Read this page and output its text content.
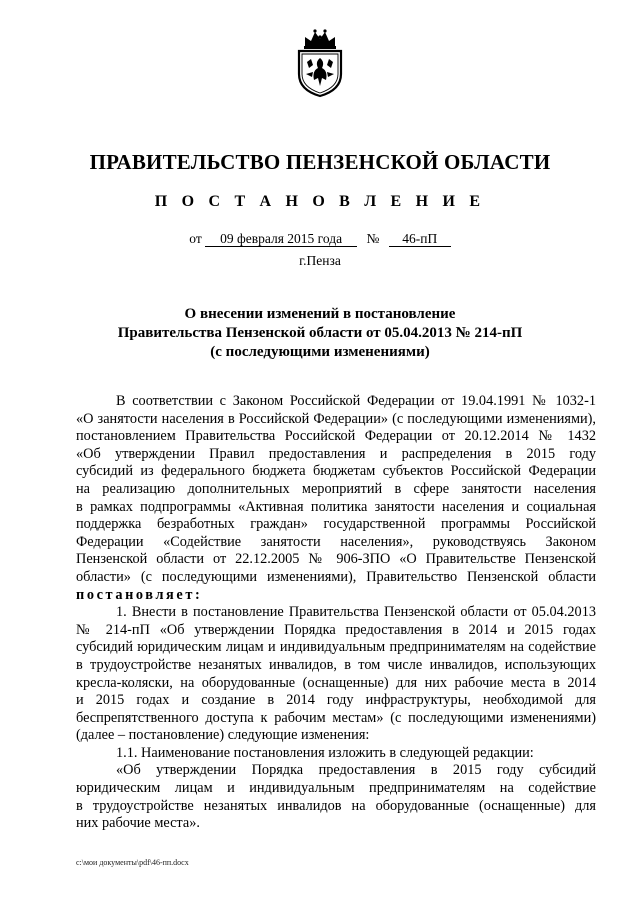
ПРАВИТЕЛЬСТВО ПЕНЗЕНСКОЙ ОБЛАСТИ
П О С Т А Н О В Л Е Н И Е
от 09 февраля 2015 года № 46-пП
г.Пенза
О внесении изменений в постановление
Правительства Пензенской области от 05.04.2013 № 214-пП
(с последующими изменениями)
В соответствии с Законом Российской Федерации от 19.04.1991 № 1032-1
«О занятости населения в Российской Федерации» (с последующими изменениями),
постановлением Правительства Российской Федерации от 20.12.2014 № 1432
«Об утверждении Правил предоставления и распределения в 2015 году
субсидий из федерального бюджета бюджетам субъектов Российской Федерации
на реализацию дополнительных мероприятий в сфере занятости населения
в рамках подпрограммы «Активная политика занятости населения и социальная
поддержка безработных граждан» государственной программы Российской
Федерации «Содействие занятости населения», руководствуясь Законом
Пензенской области от 22.12.2005 № 906-ЗПО «О Правительстве Пензенской
области» (с последующими изменениями), Правительство Пензенской области
постановляет:
1. Внести в постановление Правительства Пензенской области от 05.04.2013
№ 214-пП «Об утверждении Порядка предоставления в 2014 и 2015 годах
субсидий юридическим лицам и индивидуальным предпринимателям на содействие
в трудоустройстве незанятых инвалидов, в том числе инвалидов, использующих
кресла-коляски, на оборудованные (оснащенные) для них рабочие места в 2014
и 2015 годах и создание в 2014 году инфраструктуры, необходимой для
беспрепятственного доступа к рабочим местам» (с последующими изменениями)
(далее – постановление) следующие изменения:
1.1. Наименование постановления изложить в следующей редакции:
«Об утверждении Порядка предоставления в 2015 году субсидий
юридическим лицам и индивидуальным предпринимателям на содействие
в трудоустройстве незанятых инвалидов на оборудованные (оснащенные) для
них рабочие места».
c:\мои документы\pdf\46-пп.docx
